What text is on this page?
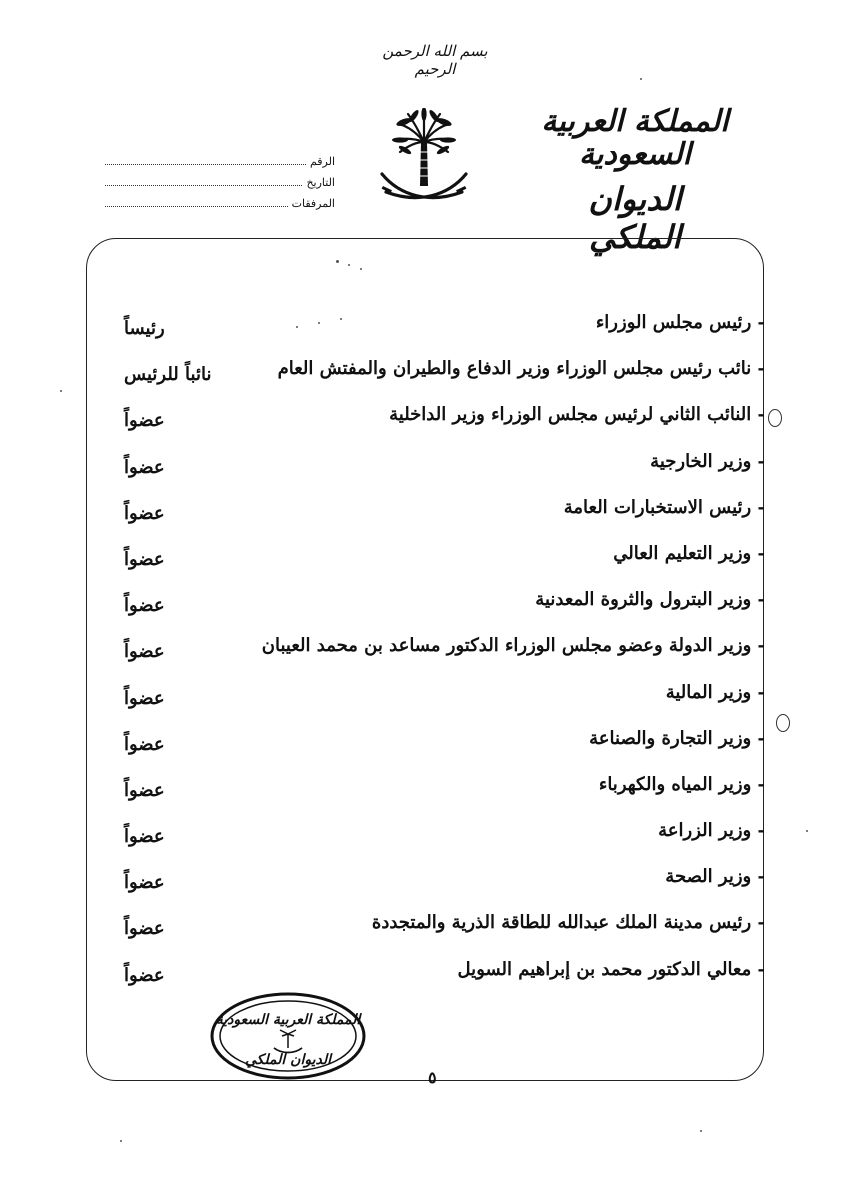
بسم الله الرحمن الرحيم
المملكة العربية السعودية
الديوان الملكي
الرقم
التاريخ
المرفقات
- رئيس مجلس الوزراء
رئيساً
- نائب رئيس مجلس الوزراء وزير الدفاع والطيران والمفتش العام
نائباً للرئيس
- النائب الثاني لرئيس مجلس الوزراء وزير الداخلية
عضواً
- وزير الخارجية
عضواً
- رئيس الاستخبارات العامة
عضواً
- وزير التعليم العالي
عضواً
- وزير البترول والثروة المعدنية
عضواً
- وزير الدولة وعضو مجلس الوزراء الدكتور مساعد بن محمد العيبان
عضواً
- وزير المالية
عضواً
- وزير التجارة والصناعة
عضواً
- وزير المياه والكهرباء
عضواً
- وزير الزراعة
عضواً
- وزير الصحة
عضواً
- رئيس مدينة الملك عبدالله للطاقة الذرية والمتجددة
عضواً
- معالي الدكتور محمد بن إبراهيم السويل
عضواً
المملكة العربية السعودية
الديوان الملكي
٥
